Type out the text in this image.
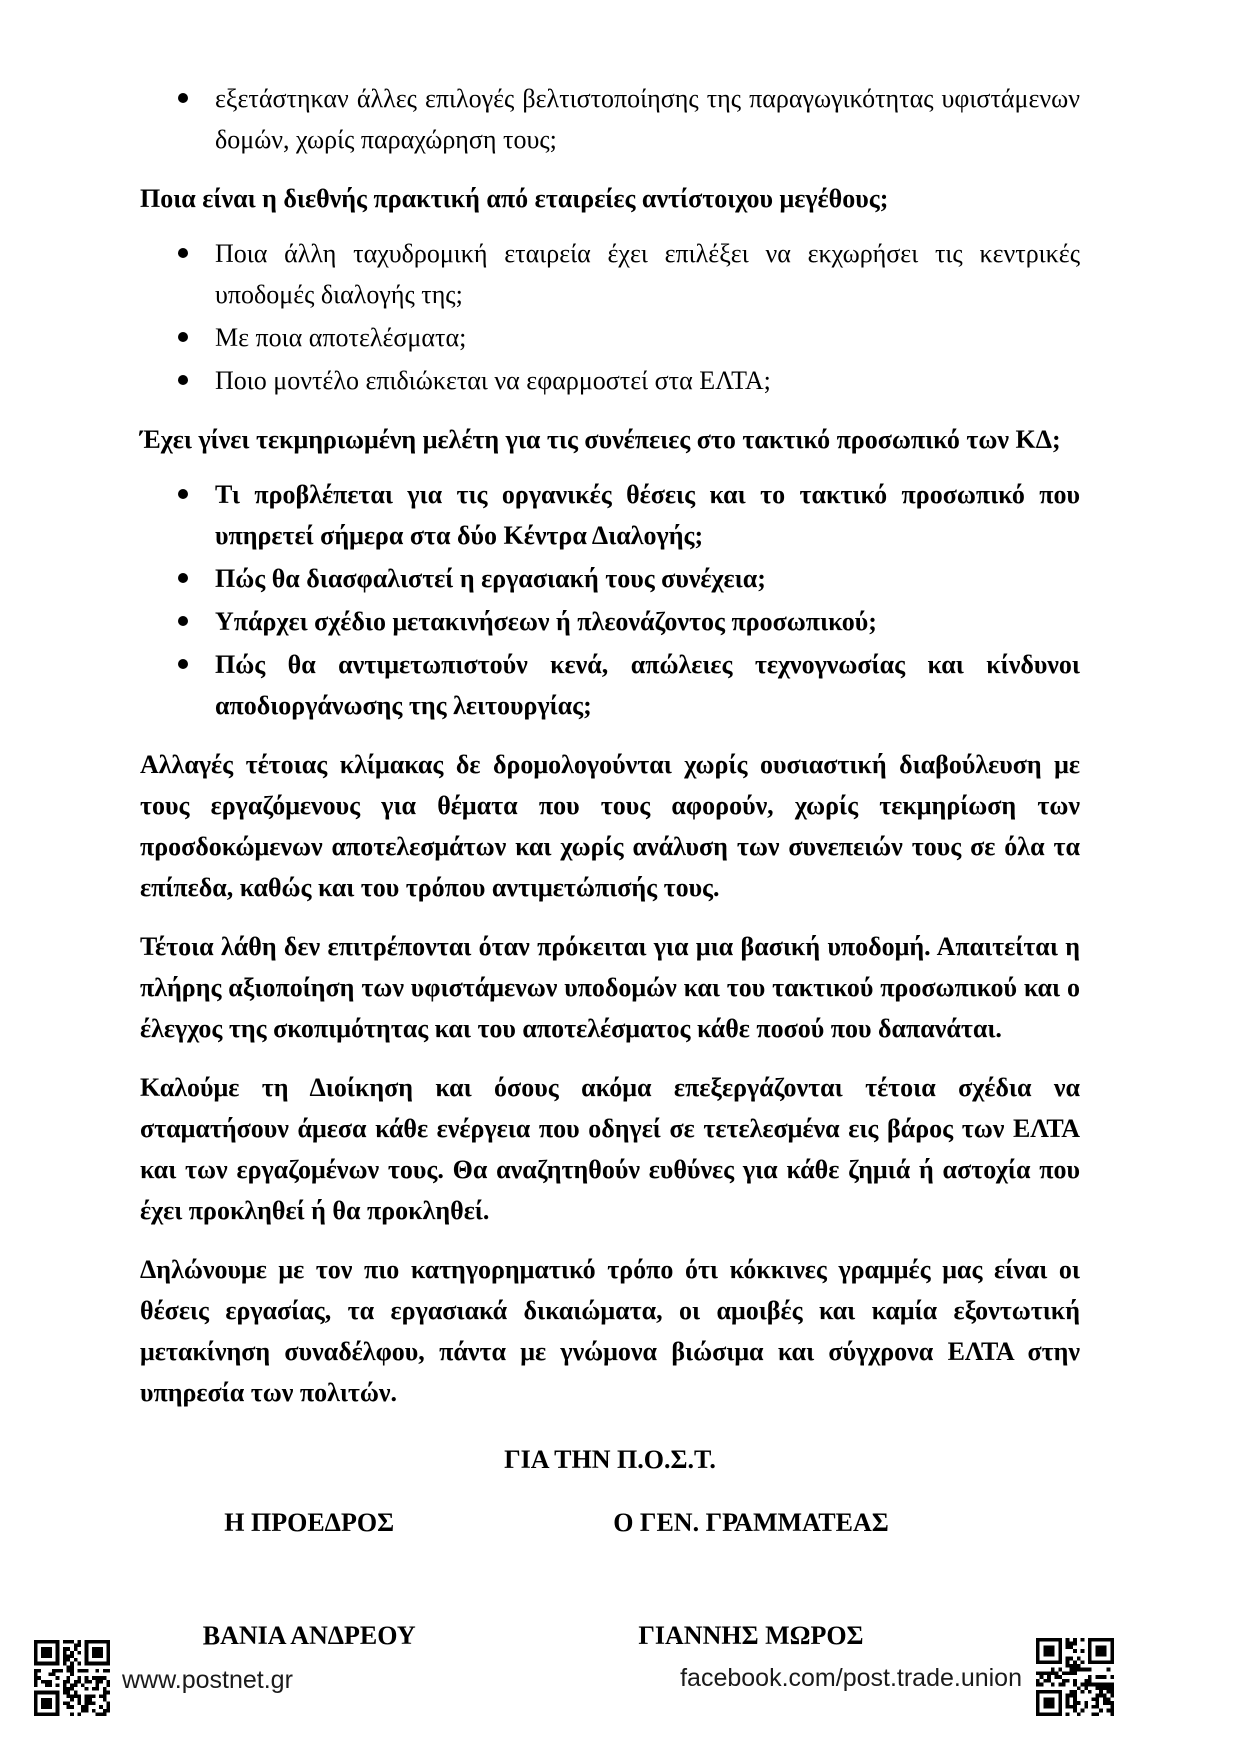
εξετάστηκαν άλλες επιλογές βελτιστοποίησης της παραγωγικότητας υφιστάμενων δομών, χωρίς παραχώρηση τους;
Ποια είναι η διεθνής πρακτική από εταιρείες αντίστοιχου μεγέθους;
Ποια άλλη ταχυδρομική εταιρεία έχει επιλέξει να εκχωρήσει τις κεντρικές υποδομές διαλογής της;
Με ποια αποτελέσματα;
Ποιο μοντέλο επιδιώκεται να εφαρμοστεί στα ΕΛΤΑ;
Έχει γίνει τεκμηριωμένη μελέτη για τις συνέπειες στο τακτικό προσωπικό των ΚΔ;
Τι προβλέπεται για τις οργανικές θέσεις και το τακτικό προσωπικό που υπηρετεί σήμερα στα δύο Κέντρα Διαλογής;
Πώς θα διασφαλιστεί η εργασιακή τους συνέχεια;
Υπάρχει σχέδιο μετακινήσεων ή πλεονάζοντος προσωπικού;
Πώς θα αντιμετωπιστούν κενά, απώλειες τεχνογνωσίας και κίνδυνοι αποδιοργάνωσης της λειτουργίας;

Αλλαγές τέτοιας κλίμακας δε δρομολογούνται χωρίς ουσιαστική διαβούλευση με τους εργαζόμενους για θέματα που τους αφορούν, χωρίς τεκμηρίωση των προσδοκώμενων αποτελεσμάτων και χωρίς ανάλυση των συνεπειών τους σε όλα τα επίπεδα, καθώς και του τρόπου αντιμετώπισής τους.

Τέτοια λάθη δεν επιτρέπονται όταν πρόκειται για μια βασική υποδομή. Απαιτείται η πλήρης αξιοποίηση των υφιστάμενων υποδομών και του τακτικού προσωπικού και ο έλεγχος της σκοπιμότητας και του αποτελέσματος κάθε ποσού που δαπανάται.

Καλούμε τη Διοίκηση και όσους ακόμα επεξεργάζονται τέτοια σχέδια να σταματήσουν άμεσα κάθε ενέργεια που οδηγεί σε τετελεσμένα εις βάρος των ΕΛΤΑ και των εργαζομένων τους. Θα αναζητηθούν ευθύνες για κάθε ζημιά ή αστοχία που έχει προκληθεί ή θα προκληθεί.

Δηλώνουμε με τον πιο κατηγορηματικό τρόπο ότι κόκκινες γραμμές μας είναι οι θέσεις εργασίας, τα εργασιακά δικαιώματα, οι αμοιβές και καμία εξοντωτική μετακίνηση συναδέλφου, πάντα με γνώμονα βιώσιμα και σύγχρονα ΕΛΤΑ στην υπηρεσία των πολιτών.

ΓΙΑ ΤΗΝ Π.Ο.Σ.Τ.
Η ΠΡΟΕΔΡΟΣ	Ο ΓΕΝ. ΓΡΑΜΜΑΤΕΑΣ
ΒΑΝΙΑ ΑΝΔΡΕΟΥ	ΓΙΑΝΝΗΣ ΜΩΡΟΣ
www.postnet.gr	facebook.com/post.trade.union
